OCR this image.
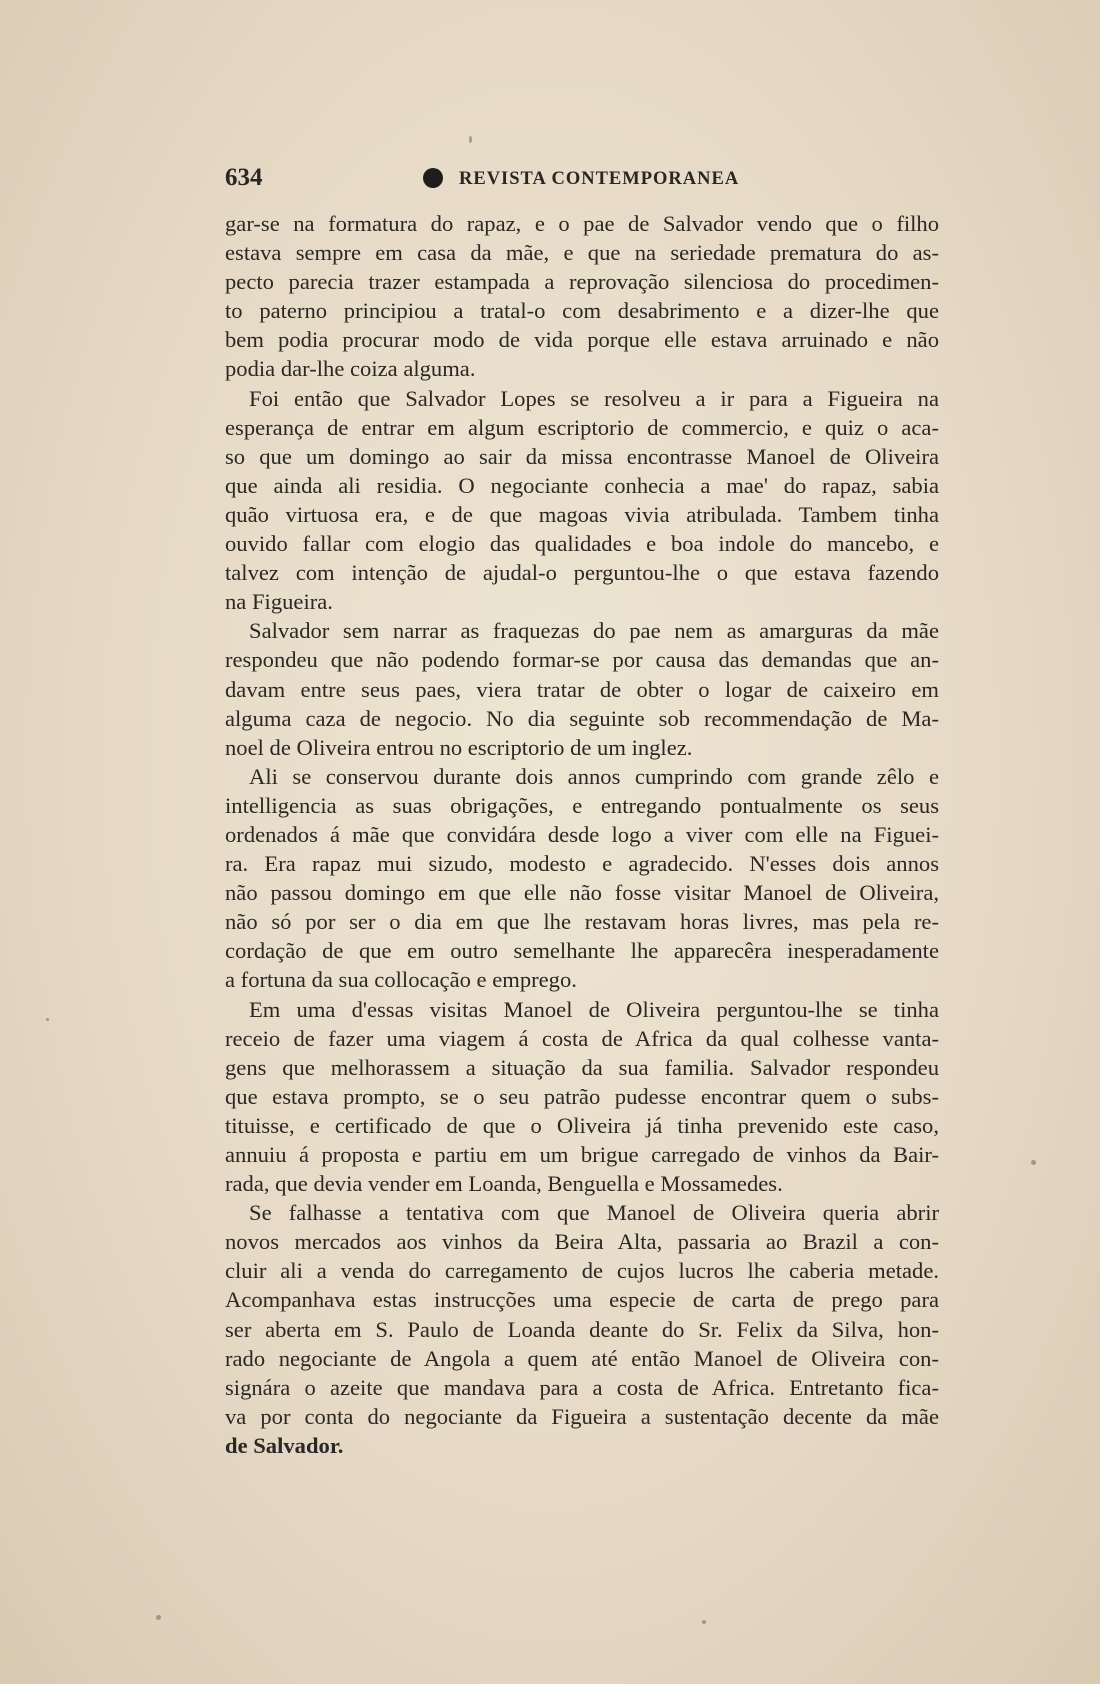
634	REVISTA CONTEMPORANEA
gar-se na formatura do rapaz, e o pae de Salvador vendo que o filho
estava sempre em casa da mãe, e que na seriedade prematura do as-
pecto parecia trazer estampada a reprovação silenciosa do procedimen-
to paterno principiou a tratal-o com desabrimento e a dizer-lhe que
bem podia procurar modo de vida porque elle estava arruinado e não
podia dar-lhe coiza alguma.
Foi então que Salvador Lopes se resolveu a ir para a Figueira na
esperança de entrar em algum escriptorio de commercio, e quiz o aca-
so que um domingo ao sair da missa encontrasse Manoel de Oliveira
que ainda ali residia. O negociante conhecia a mae' do rapaz, sabia
quão virtuosa era, e de que magoas vivia atribulada. Tambem tinha
ouvido fallar com elogio das qualidades e boa indole do mancebo, e
talvez com intenção de ajudal-o perguntou-lhe o que estava fazendo
na Figueira.
Salvador sem narrar as fraquezas do pae nem as amarguras da mãe
respondeu que não podendo formar-se por causa das demandas que an-
davam entre seus paes, viera tratar de obter o logar de caixeiro em
alguma caza de negocio. No dia seguinte sob recommendação de Ma-
noel de Oliveira entrou no escriptorio de um inglez.
Ali se conservou durante dois annos cumprindo com grande zêlo e
intelligencia as suas obrigações, e entregando pontualmente os seus
ordenados á mãe que convidára desde logo a viver com elle na Figuei-
ra. Era rapaz mui sizudo, modesto e agradecido. N'esses dois annos
não passou domingo em que elle não fosse visitar Manoel de Oliveira,
não só por ser o dia em que lhe restavam horas livres, mas pela re-
cordação de que em outro semelhante lhe apparecêra inesperadamente
a fortuna da sua collocação e emprego.
Em uma d'essas visitas Manoel de Oliveira perguntou-lhe se tinha
receio de fazer uma viagem á costa de Africa da qual colhesse vanta-
gens que melhorassem a situação da sua familia. Salvador respondeu
que estava prompto, se o seu patrão pudesse encontrar quem o subs-
tituisse, e certificado de que o Oliveira já tinha prevenido este caso,
annuiu á proposta e partiu em um brigue carregado de vinhos da Bair-
rada, que devia vender em Loanda, Benguella e Mossamedes.
Se falhasse a tentativa com que Manoel de Oliveira queria abrir
novos mercados aos vinhos da Beira Alta, passaria ao Brazil a con-
cluir ali a venda do carregamento de cujos lucros lhe caberia metade.
Acompanhava estas instrucções uma especie de carta de prego para
ser aberta em S. Paulo de Loanda deante do Sr. Felix da Silva, hon-
rado negociante de Angola a quem até então Manoel de Oliveira con-
signára o azeite que mandava para a costa de Africa. Entretanto fica-
va por conta do negociante da Figueira a sustentação decente da mãe
de Salvador.
